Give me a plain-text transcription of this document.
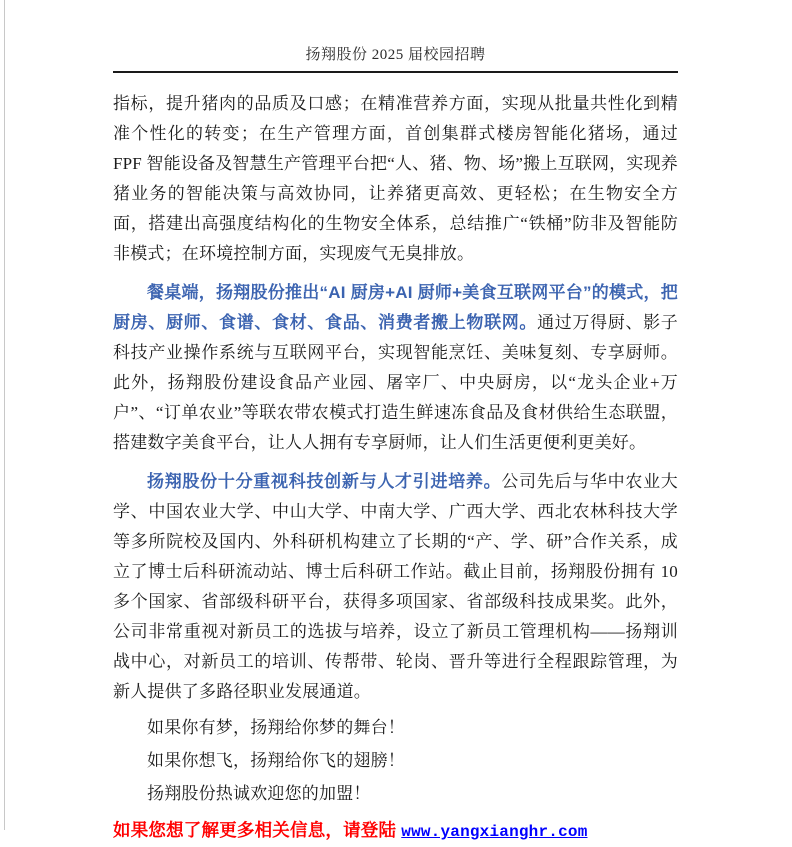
扬翔股份 2025 届校园招聘

指标，提升猪肉的品质及口感；在精准营养方面，实现从批量共性化到精准个性化的转变；在生产管理方面，首创集群式楼房智能化猪场，通过 FPF 智能设备及智慧生产管理平台把“人、猪、物、场”搬上互联网，实现养猪业务的智能决策与高效协同，让养猪更高效、更轻松；在生物安全方面，搭建出高强度结构化的生物安全体系，总结推广“铁桶”防非及智能防非模式；在环境控制方面，实现废气无臭排放。

餐桌端，扬翔股份推出“AI 厨房+AI 厨师+美食互联网平台”的模式，把厨房、厨师、食谱、食材、食品、消费者搬上物联网。通过万得厨、影子科技产业操作系统与互联网平台，实现智能烹饪、美味复刻、专享厨师。此外，扬翔股份建设食品产业园、屠宰厂、中央厨房，以“龙头企业+万户”、“订单农业”等联农带农模式打造生鲜速冻食品及食材供给生态联盟，搭建数字美食平台，让人人拥有专享厨师，让人们生活更便利更美好。

扬翔股份十分重视科技创新与人才引进培养。公司先后与华中农业大学、中国农业大学、中山大学、中南大学、广西大学、西北农林科技大学等多所院校及国内、外科研机构建立了长期的“产、学、研”合作关系，成立了博士后科研流动站、博士后科研工作站。截止目前，扬翔股份拥有 10 多个国家、省部级科研平台，获得多项国家、省部级科技成果奖。此外，公司非常重视对新员工的选拔与培养，设立了新员工管理机构——扬翔训战中心，对新员工的培训、传帮带、轮岗、晋升等进行全程跟踪管理，为新人提供了多路径职业发展通道。

如果你有梦，扬翔给你梦的舞台！

如果你想飞，扬翔给你飞的翅膀！

扬翔股份热诚欢迎您的加盟！

如果您想了解更多相关信息，请登陆 www.yangxianghr.com
